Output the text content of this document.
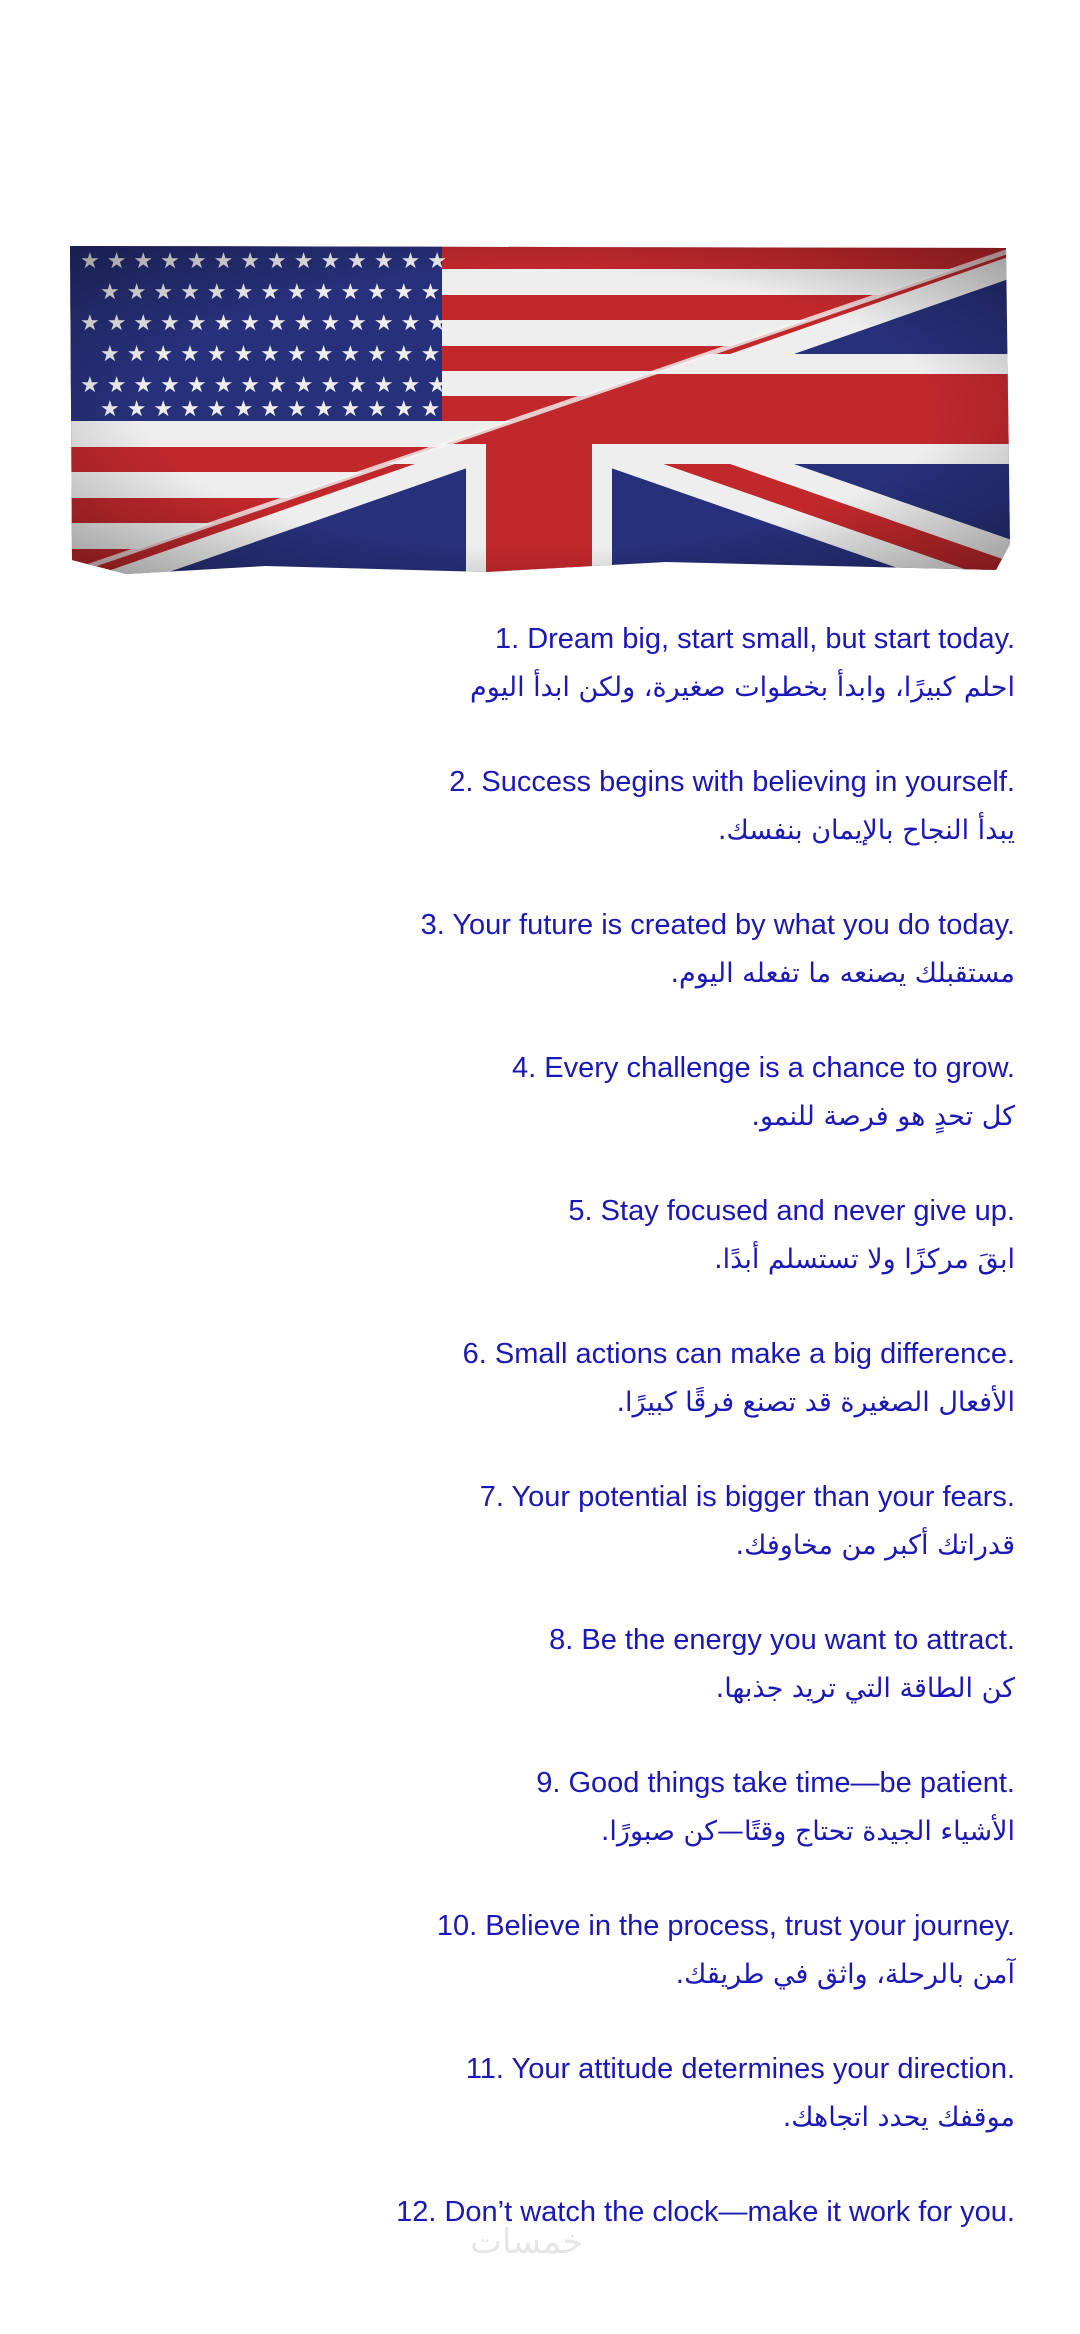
1. Dream big, start small, but start today.
احلم كبيرًا، وابدأ بخطوات صغيرة، ولكن ابدأ اليوم
2. Success begins with believing in yourself.
يبدأ النجاح بالإيمان بنفسك.
3. Your future is created by what you do today.
مستقبلك يصنعه ما تفعله اليوم.
4. Every challenge is a chance to grow.
كل تحدٍ هو فرصة للنمو.
5. Stay focused and never give up.
ابقَ مركزًا ولا تستسلم أبدًا.
6. Small actions can make a big difference.
الأفعال الصغيرة قد تصنع فرقًا كبيرًا.
7. Your potential is bigger than your fears.
قدراتك أكبر من مخاوفك.
8. Be the energy you want to attract.
كن الطاقة التي تريد جذبها.
9. Good things take time—be patient.
الأشياء الجيدة تحتاج وقتًا—كن صبورًا.
10. Believe in the process, trust your journey.
آمن بالرحلة، واثق في طريقك.
11. Your attitude determines your direction.
موقفك يحدد اتجاهك.
12. Don’t watch the clock—make it work for you.
خمسات
